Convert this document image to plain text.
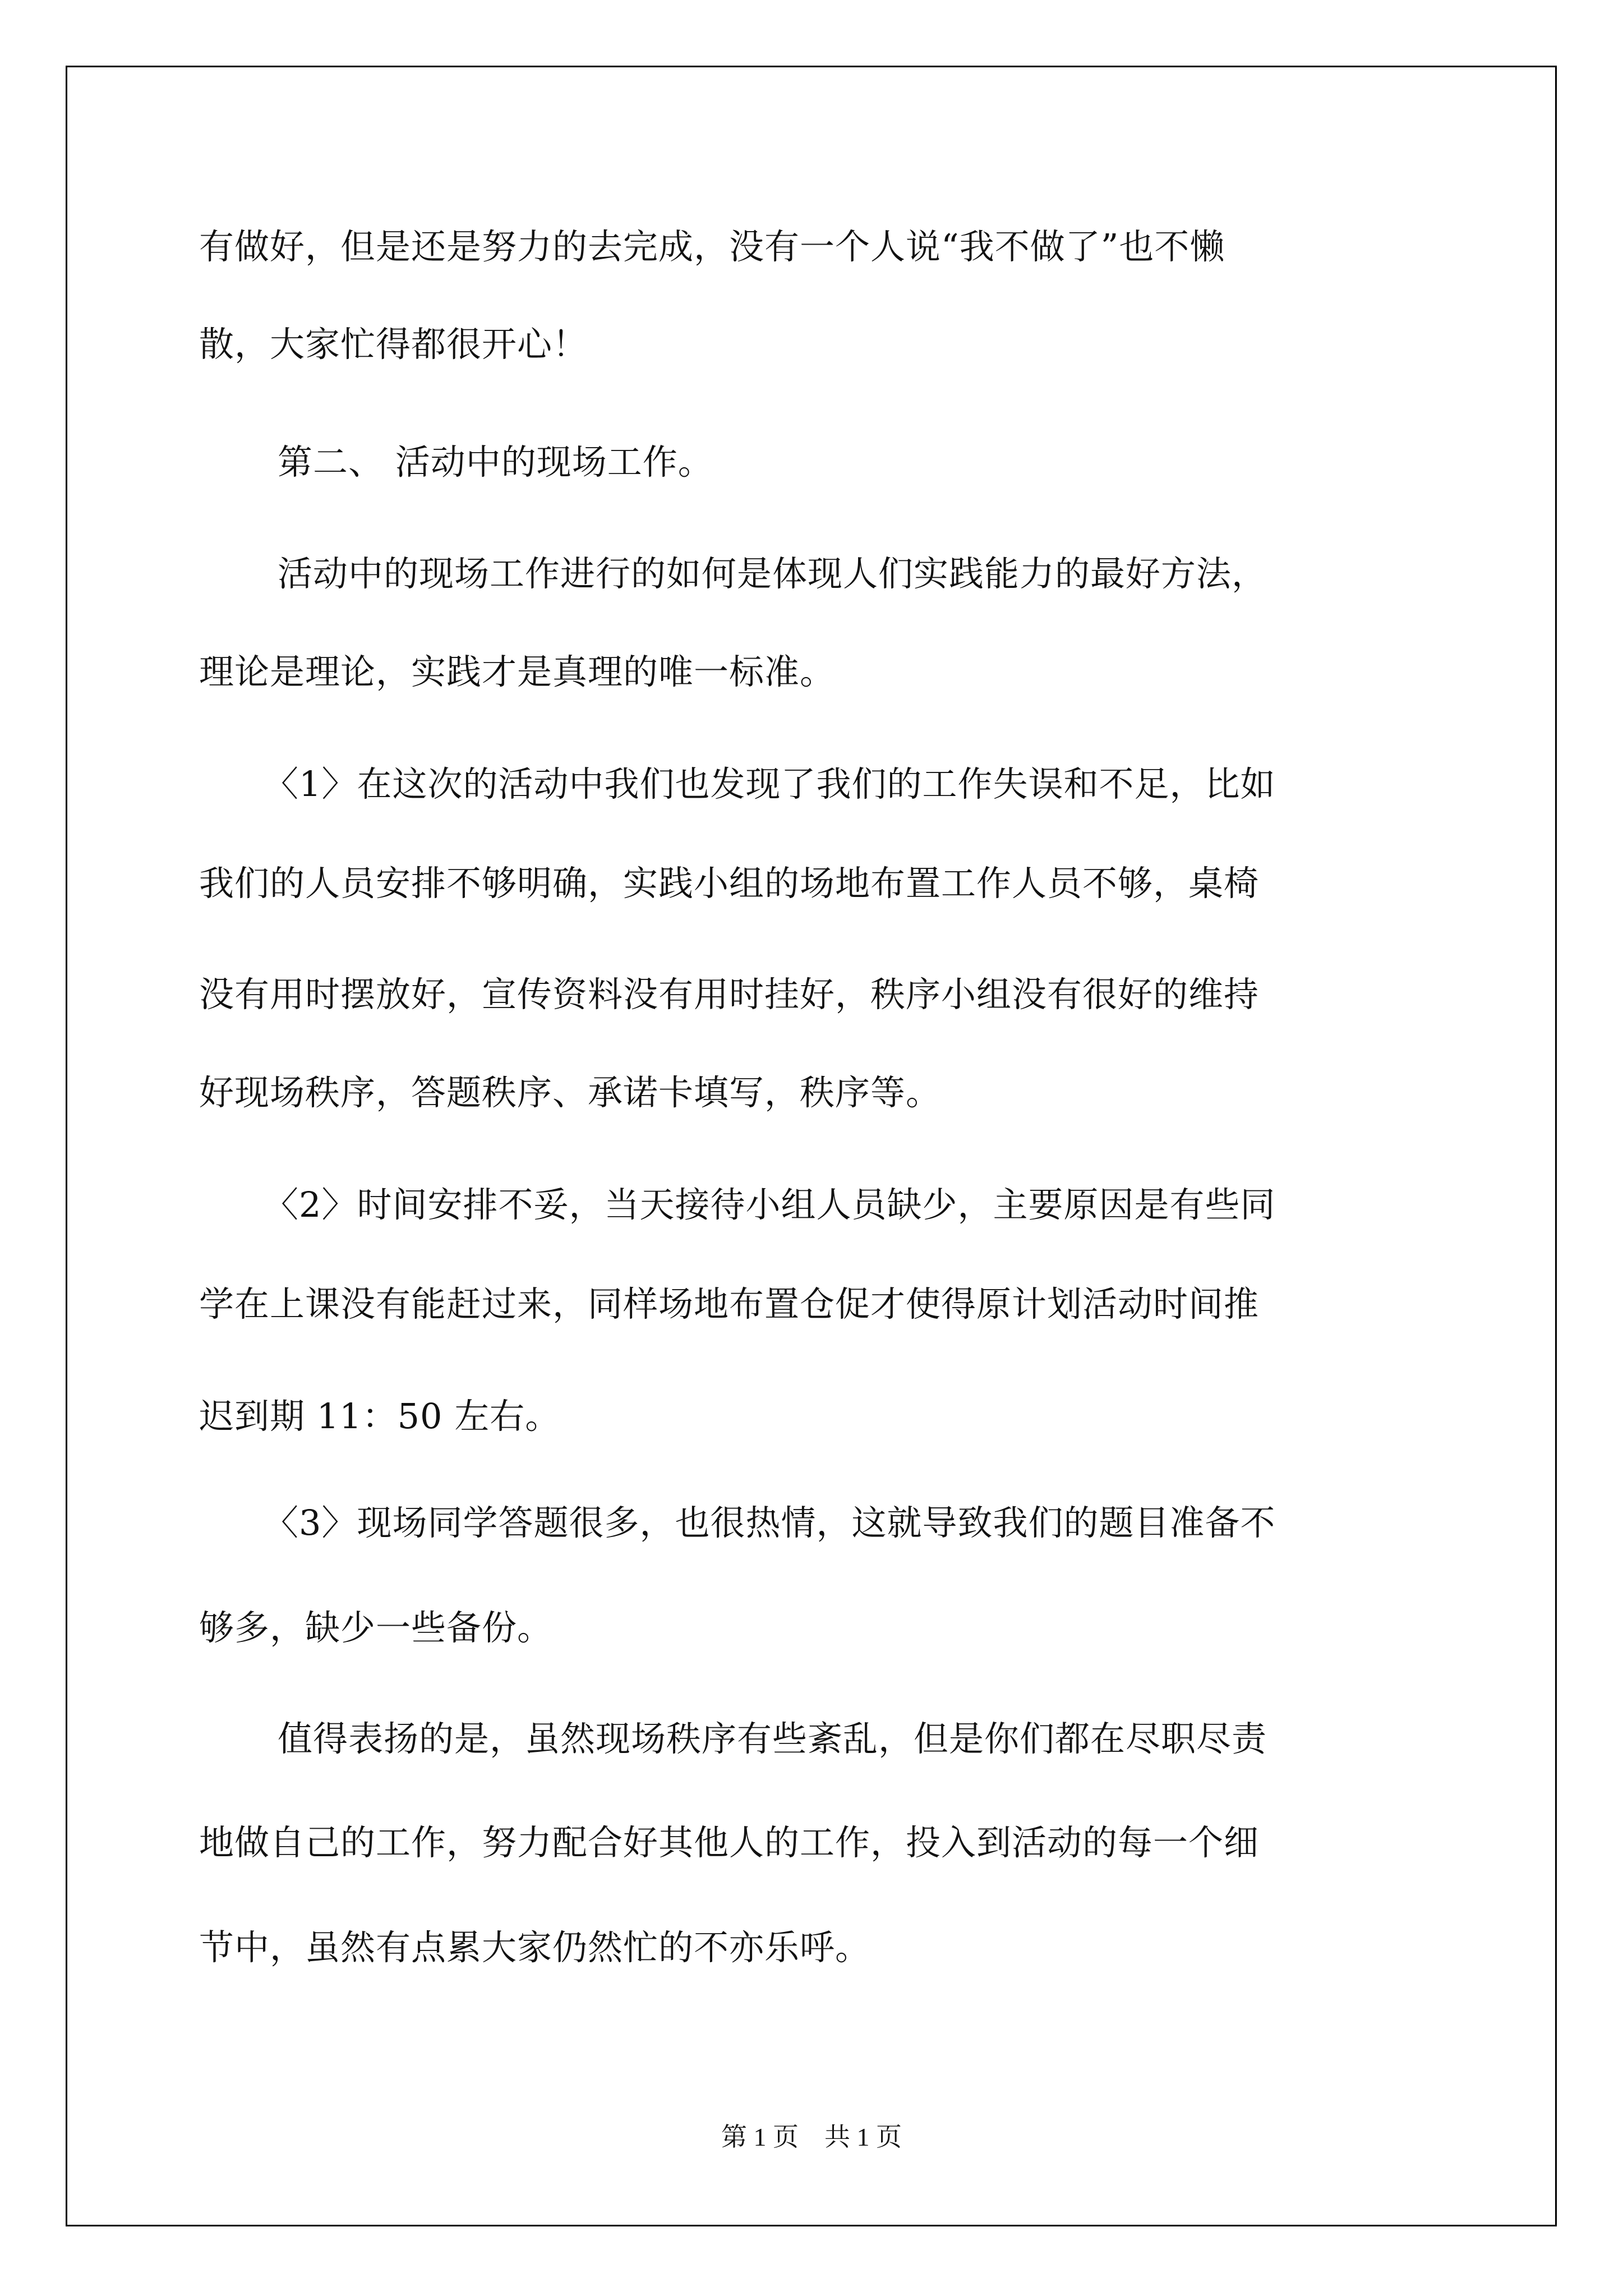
有做好，但是还是努力的去完成，没有一个人说“我不做了”也不懒
散，大家忙得都很开心！
第二、 活动中的现场工作。
活动中的现场工作进行的如何是体现人们实践能力的最好方法，
理论是理论，实践才是真理的唯一标准。
〈1〉在这次的活动中我们也发现了我们的工作失误和不足，比如
我们的人员安排不够明确，实践小组的场地布置工作人员不够，桌椅
没有用时摆放好，宣传资料没有用时挂好，秩序小组没有很好的维持
好现场秩序，答题秩序、承诺卡填写，秩序等。
〈2〉时间安排不妥，当天接待小组人员缺少，主要原因是有些同
学在上课没有能赶过来，同样场地布置仓促才使得原计划活动时间推
迟到期 11：50 左右。
〈3〉现场同学答题很多，也很热情，这就导致我们的题目准备不
够多，缺少一些备份。
值得表扬的是，虽然现场秩序有些紊乱，但是你们都在尽职尽责
地做自己的工作，努力配合好其他人的工作，投入到活动的每一个细
节中，虽然有点累大家仍然忙的不亦乐呼。
第 1 页　共 1 页
